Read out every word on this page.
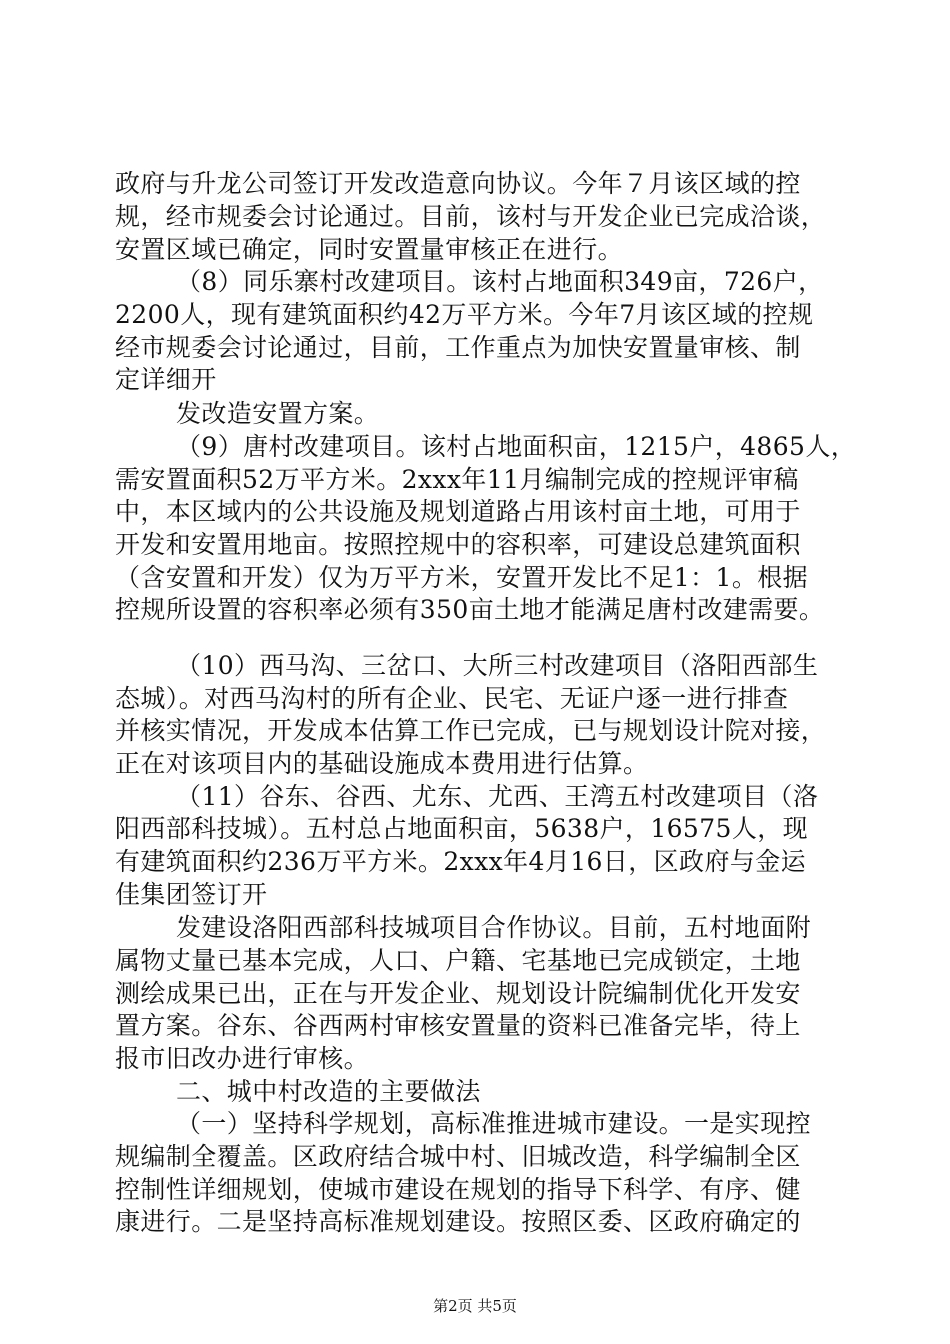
政府与升龙公司签订开发改造意向协议。今年７月该区域的控
规，经市规委会讨论通过。目前，该村与开发企业已完成洽谈，
安置区域已确定，同时安置量审核正在进行。
（8）同乐寨村改建项目。该村占地面积349亩，726户，
2200人，现有建筑面积约42万平方米。今年7月该区域的控规
经市规委会讨论通过，目前，工作重点为加快安置量审核、制
定详细开
发改造安置方案。
（9）唐村改建项目。该村占地面积亩，1215户，4865人，
需安置面积52万平方米。2xxx年11月编制完成的控规评审稿
中，本区域内的公共设施及规划道路占用该村亩土地，可用于
开发和安置用地亩。按照控规中的容积率，可建设总建筑面积
（含安置和开发）仅为万平方米，安置开发比不足1：1。根据
控规所设置的容积率必须有350亩土地才能满足唐村改建需要。
（10）西马沟、三岔口、大所三村改建项目（洛阳西部生
态城）。对西马沟村的所有企业、民宅、无证户逐一进行排查
并核实情况，开发成本估算工作已完成，已与规划设计院对接，
正在对该项目内的基础设施成本费用进行估算。
（11）谷东、谷西、尤东、尤西、王湾五村改建项目（洛
阳西部科技城）。五村总占地面积亩，5638户，16575人，现
有建筑面积约236万平方米。2xxx年4月16日，区政府与金运
佳集团签订开
发建设洛阳西部科技城项目合作协议。目前，五村地面附
属物丈量已基本完成，人口、户籍、宅基地已完成锁定，土地
测绘成果已出，正在与开发企业、规划设计院编制优化开发安
置方案。谷东、谷西两村审核安置量的资料已准备完毕，待上
报市旧改办进行审核。
二、城中村改造的主要做法
（一）坚持科学规划，高标准推进城市建设。一是实现控
规编制全覆盖。区政府结合城中村、旧城改造，科学编制全区
控制性详细规划，使城市建设在规划的指导下科学、有序、健
康进行。二是坚持高标准规划建设。按照区委、区政府确定的
第2页 共5页
